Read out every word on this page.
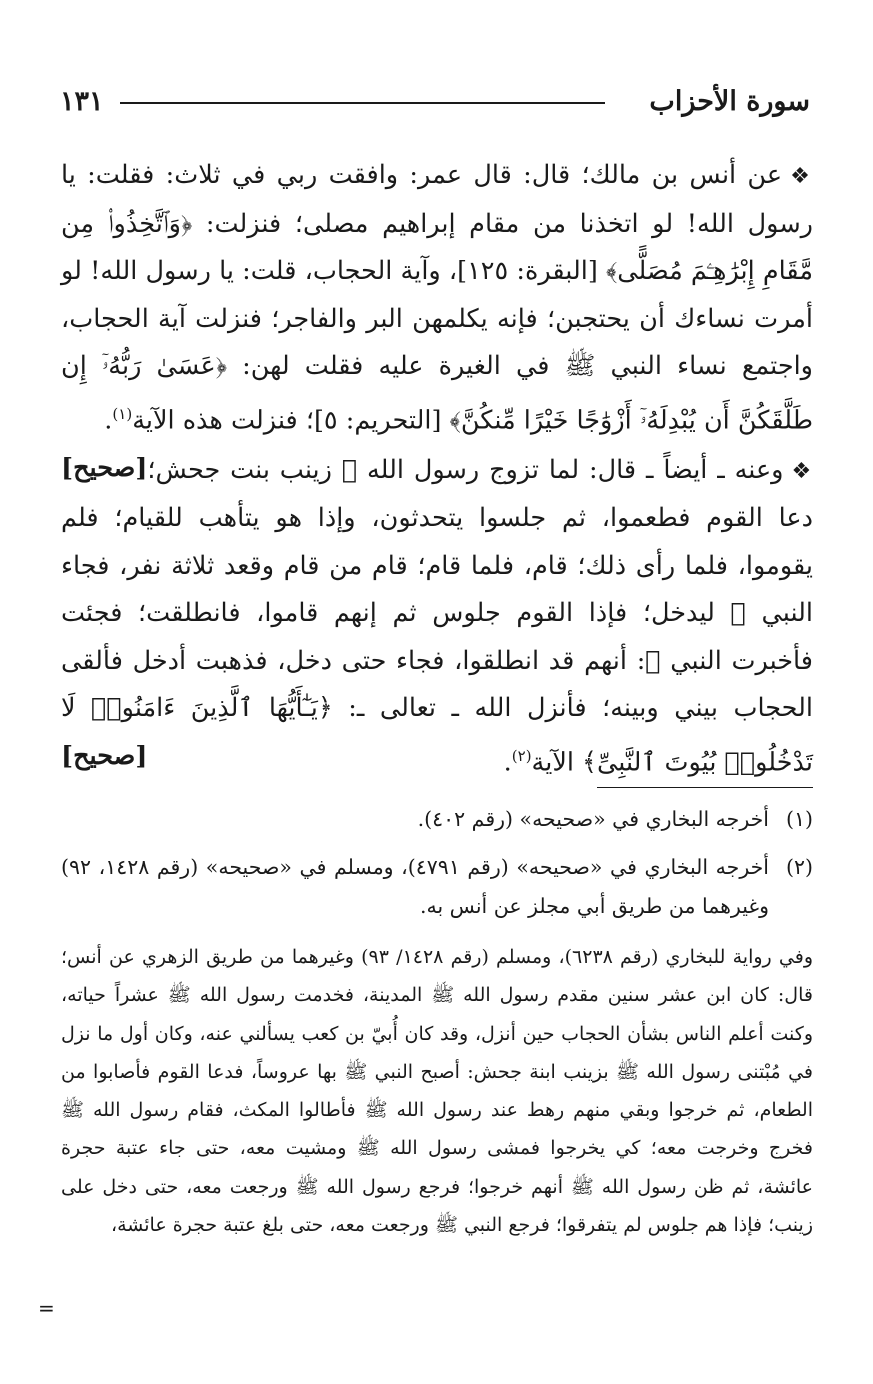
سورة الأحزاب
١٣١

❖عن أنس بن مالك؛ قال: قال عمر: وافقت ربي في ثلاث: فقلت: يا رسول الله! لو اتخذنا من مقام إبراهيم مصلى؛ فنزلت: ﴿وَٱتَّخِذُوا۟ مِن مَّقَامِ إِبْرَٰهِـۧمَ مُصَلًّى﴾ [البقرة: ١٢٥]، وآية الحجاب، قلت: يا رسول الله! لو أمرت نساءك أن يحتجبن؛ فإنه يكلمهن البر والفاجر؛ فنزلت آية الحجاب، واجتمع نساء النبي ﷺ في الغيرة عليه فقلت لهن: ﴿عَسَىٰ رَبُّهُۥٓ إِن طَلَّقَكُنَّ أَن يُبْدِلَهُۥٓ أَزْوَٰجًا خَيْرًا مِّنكُنَّ﴾ [التحريم: ٥]؛ فنزلت هذه الآية$^{(١)}$.
[صحيح]	❖وعنه ـ أيضاً ـ قال: لما تزوج رسول الله ﷺ زينب بنت جحش؛ دعا القوم فطعموا، ثم جلسوا يتحدثون، وإذا هو يتأهب للقيام؛ فلم يقوموا، فلما رأى ذلك؛ قام، فلما قام؛ قام من قام وقعد ثلاثة نفر، فجاء النبي ﷺ ليدخل؛ فإذا القوم جلوس ثم إنهم قاموا، فانطلقت؛ فجئت فأخبرت النبي ﷺ: أنهم قد انطلقوا، فجاء حتى دخل، فذهبت أدخل فألقى الحجاب بيني وبينه؛ فأنزل الله ـ تعالى ـ: ﴿يَـٰٓأَيُّهَا ٱلَّذِينَ ءَامَنُوا۟ لَا تَدْخُلُوا۟ بُيُوتَ ٱلنَّبِىِّ﴾ الآية$^{(٢)}$.
[صحيح]

(١)
أخرجه البخاري في «صحيحه» (رقم ٤٠٢).
(٢)
أخرجه البخاري في «صحيحه» (رقم ٤٧٩١)، ومسلم في «صحيحه» (رقم ١٤٢٨، ٩٢) وغيرهما من طريق أبي مجلز عن أنس به.
وفي رواية للبخاري (رقم ٦٢٣٨)، ومسلم (رقم ١٤٢٨/ ٩٣) وغيرهما من طريق الزهري عن أنس؛ قال: كان ابن عشر سنين مقدم رسول الله ﷺ المدينة، فخدمت رسول الله ﷺ عشراً حياته، وكنت أعلم الناس بشأن الحجاب حين أنزل، وقد كان أُبيّ بن كعب يسألني عنه، وكان أول ما نزل في مُبْتنى رسول الله ﷺ بزينب ابنة جحش: أصبح النبي ﷺ بها عروساً، فدعا القوم فأصابوا من الطعام، ثم خرجوا وبقي منهم رهط عند رسول الله ﷺ فأطالوا المكث، فقام رسول الله ﷺ فخرج وخرجت معه؛ كي يخرجوا فمشى رسول الله ﷺ ومشيت معه، حتى جاء عتبة حجرة عائشة، ثم ظن رسول الله ﷺ أنهم خرجوا؛ فرجع رسول الله ﷺ ورجعت معه، حتى دخل على زينب؛ فإذا هم جلوس لم يتفرقوا؛ فرجع النبي ﷺ ورجعت معه، حتى بلغ عتبة حجرة عائشة،
=
